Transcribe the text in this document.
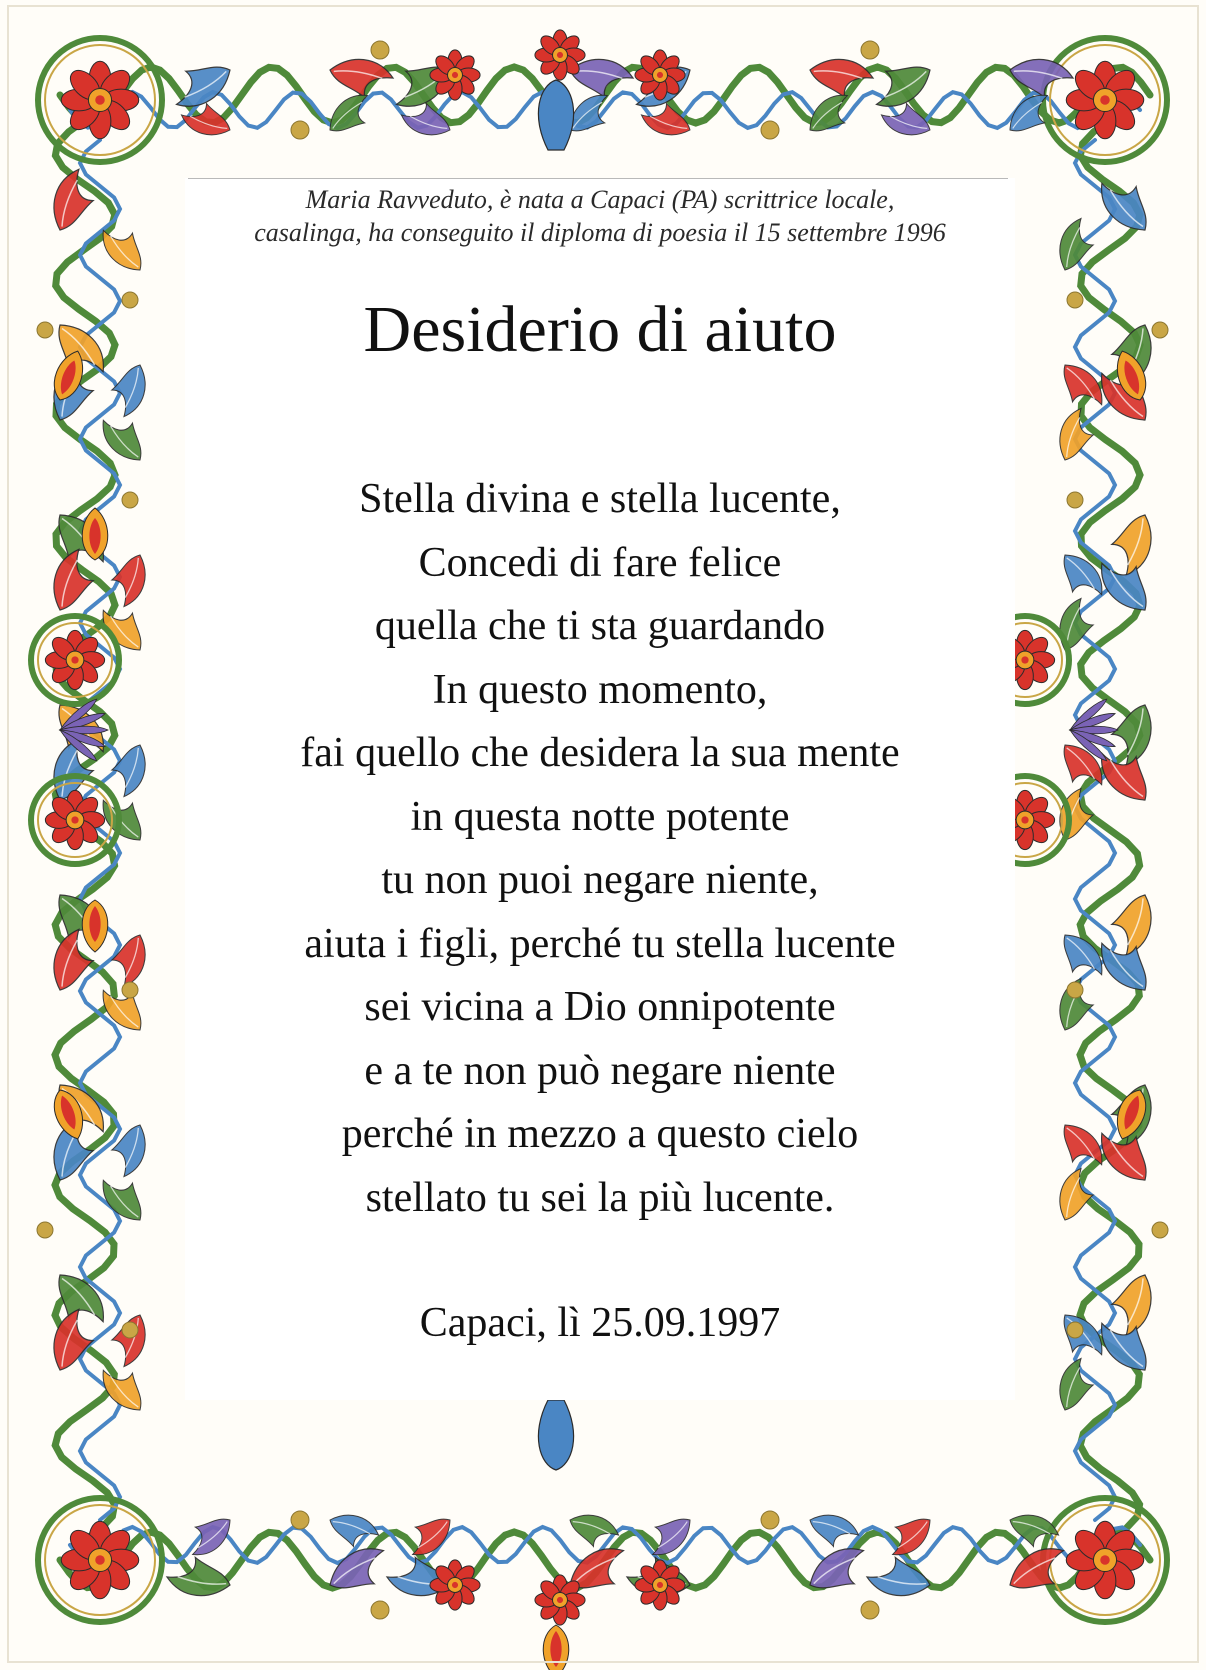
Maria Ravveduto, è nata a Capaci (PA) scrittrice locale,
casalinga, ha conseguito il diploma di poesia il 15 settembre 1996
Desiderio di aiuto
Stella divina e stella lucente,
Concedi di fare felice
quella che ti sta guardando
In questo momento,
fai quello che desidera la sua mente
in questa notte potente
tu non puoi negare niente,
aiuta i figli, perché tu stella lucente
sei vicina a Dio onnipotente
e a te non può negare niente
perché in mezzo a questo cielo
stellato tu sei la più lucente.
Capaci, lì 25.09.1997
